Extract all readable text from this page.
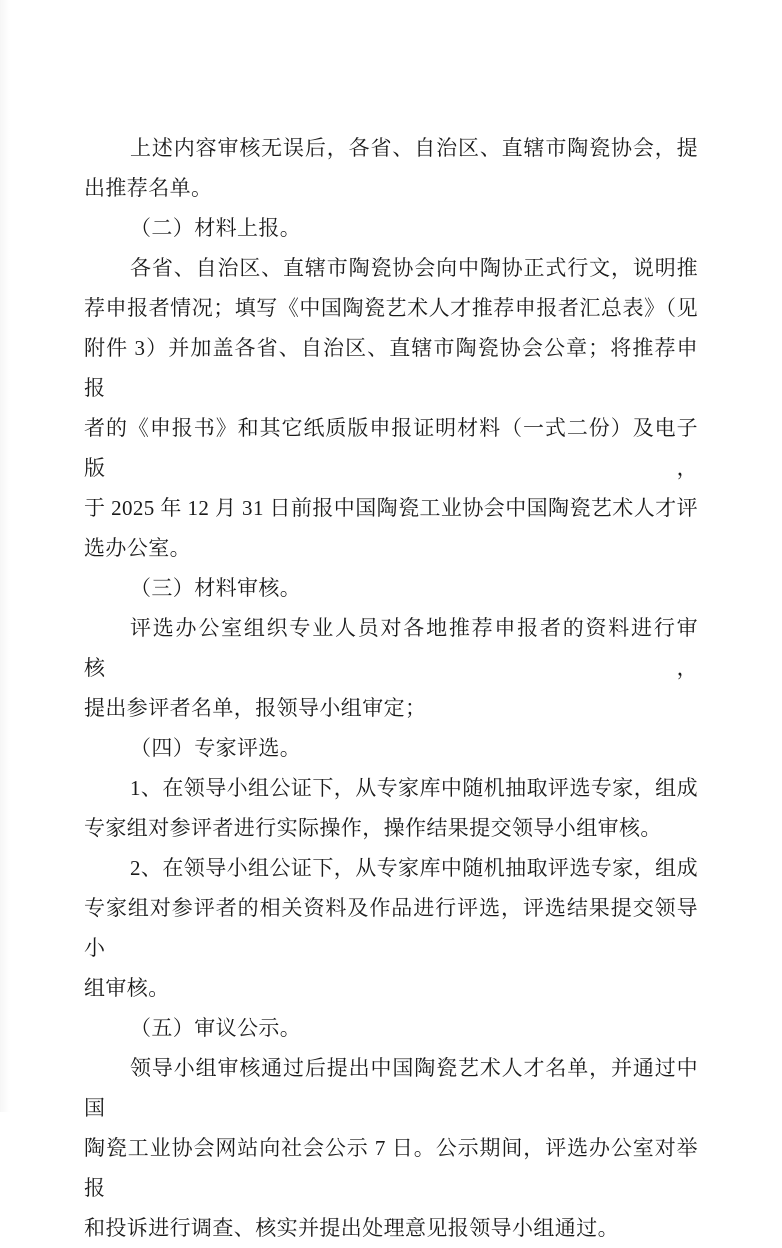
上述内容审核无误后，各省、自治区、直辖市陶瓷协会，提
出推荐名单。
（二）材料上报。
各省、自治区、直辖市陶瓷协会向中陶协正式行文，说明推
荐申报者情况；填写《中国陶瓷艺术人才推荐申报者汇总表》（见
附件 3）并加盖各省、自治区、直辖市陶瓷协会公章；将推荐申报
者的《申报书》和其它纸质版申报证明材料（一式二份）及电子版，
于 2025 年 12 月 31 日前报中国陶瓷工业协会中国陶瓷艺术人才评
选办公室。
（三）材料审核。
评选办公室组织专业人员对各地推荐申报者的资料进行审核，
提出参评者名单，报领导小组审定；
（四）专家评选。
1、在领导小组公证下，从专家库中随机抽取评选专家，组成
专家组对参评者进行实际操作，操作结果提交领导小组审核。
2、在领导小组公证下，从专家库中随机抽取评选专家，组成
专家组对参评者的相关资料及作品进行评选，评选结果提交领导小
组审核。
（五）审议公示。
领导小组审核通过后提出中国陶瓷艺术人才名单，并通过中国
陶瓷工业协会网站向社会公示 7 日。公示期间，评选办公室对举报
和投诉进行调查、核实并提出处理意见报领导小组通过。
